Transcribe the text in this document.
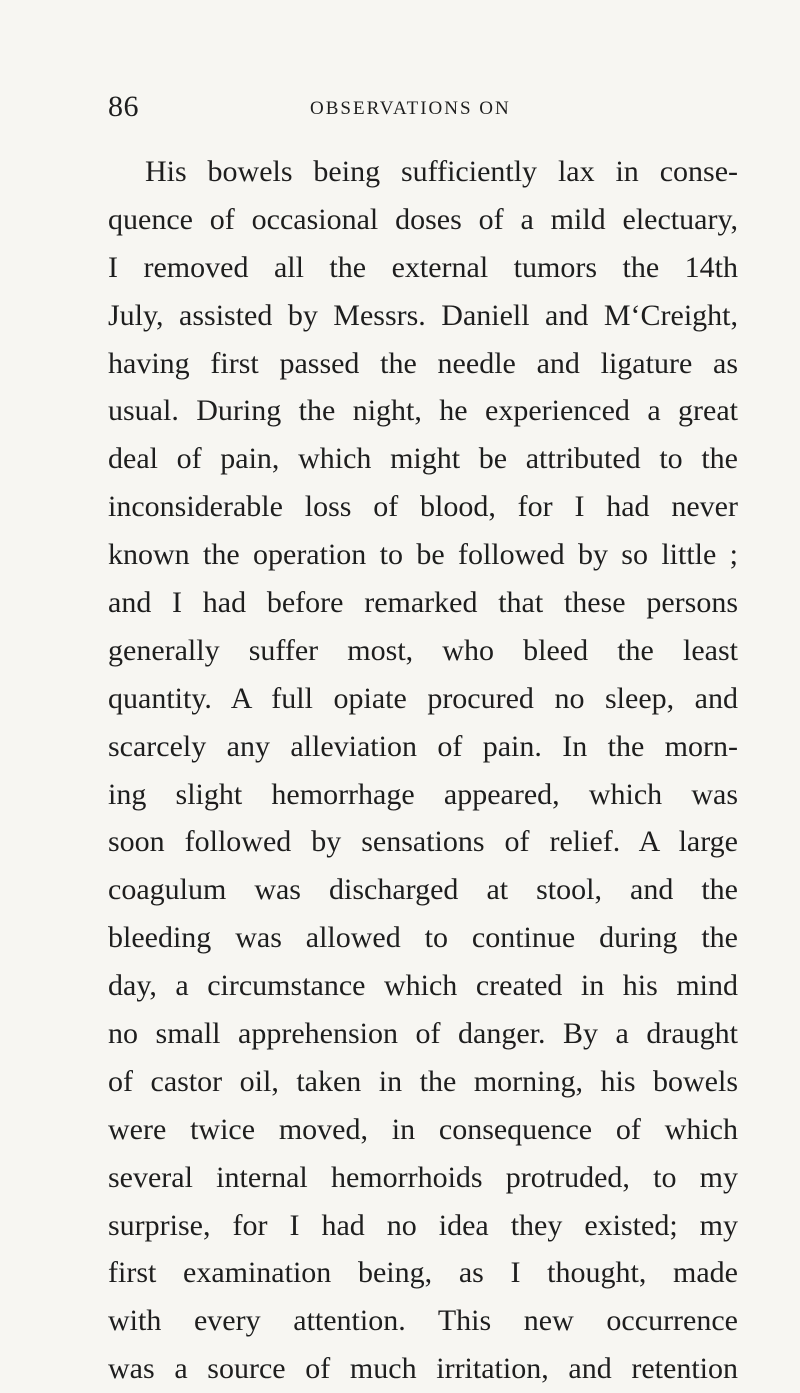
86	OBSERVATIONS ON
His bowels being sufficiently lax in conse-
quence of occasional doses of a mild electuary,
I removed all the external tumors the 14th
July, assisted by Messrs. Daniell and M‘Creight,
having first passed the needle and ligature as
usual. During the night, he experienced a great
deal of pain, which might be attributed to the
inconsiderable loss of blood, for I had never
known the operation to be followed by so little ;
and I had before remarked that these persons
generally suffer most, who bleed the least
quantity. A full opiate procured no sleep, and
scarcely any alleviation of pain. In the morn-
ing slight hemorrhage appeared, which was
soon followed by sensations of relief. A large
coagulum was discharged at stool, and the
bleeding was allowed to continue during the
day, a circumstance which created in his mind
no small apprehension of danger. By a draught
of castor oil, taken in the morning, his bowels
were twice moved, in consequence of which
several internal hemorrhoids protruded, to my
surprise, for I had no idea they existed; my
first examination being, as I thought, made
with every attention. This new occurrence
was a source of much irritation, and retention
